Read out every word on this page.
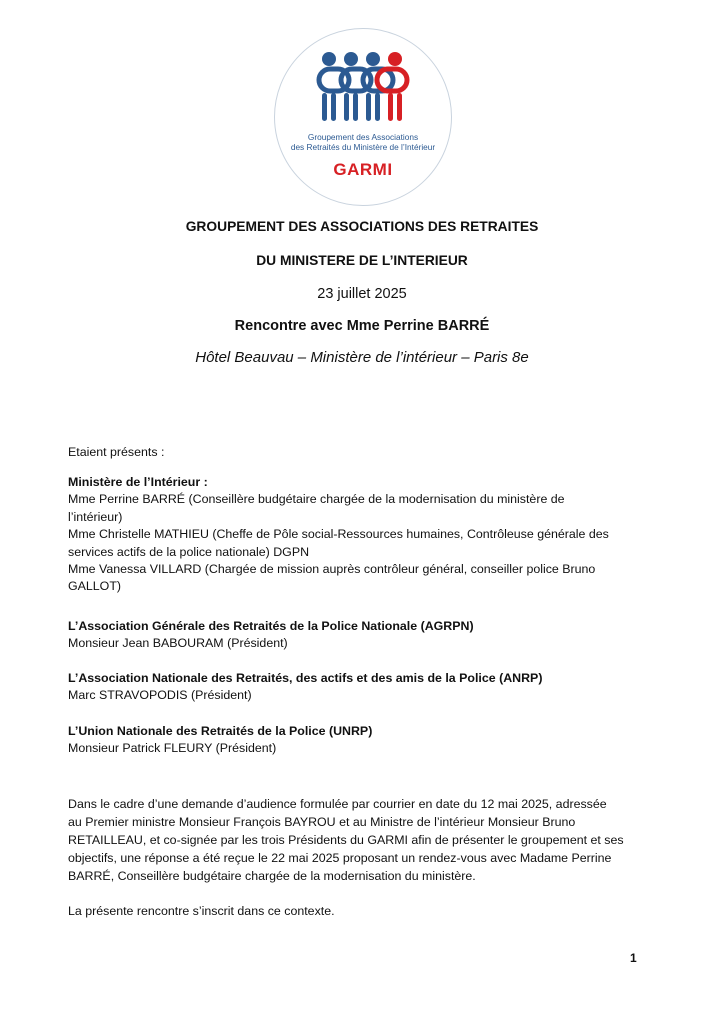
Groupement des Associations
des Retraités du Ministère de l’Intérieur
GARMI
GROUPEMENT DES ASSOCIATIONS DES RETRAITES
DU MINISTERE DE L’INTERIEUR
23 juillet 2025
Rencontre avec Mme Perrine BARRÉ
Hôtel Beauvau – Ministère de l’intérieur – Paris 8e

Etaient présents :

Ministère de l’Intérieur :

Mme Perrine BARRÉ (Conseillère budgétaire chargée de la modernisation du ministère de

l’intérieur)

Mme Christelle MATHIEU (Cheffe de Pôle social-Ressources humaines, Contrôleuse générale des

services actifs de la police nationale) DGPN

Mme Vanessa VILLARD (Chargée de mission auprès contrôleur général, conseiller police Bruno

GALLOT)

L’Association Générale des Retraités de la Police Nationale (AGRPN)

Monsieur Jean BABOURAM (Président)

L’Association Nationale des Retraités, des actifs et des amis de la Police (ANRP)

Marc STRAVOPODIS (Président)

L’Union Nationale des Retraités de la Police (UNRP)

Monsieur Patrick FLEURY (Président)

Dans le cadre d’une demande d’audience formulée par courrier en date du 12 mai 2025, adressée

au Premier ministre Monsieur François BAYROU et au Ministre de l’intérieur Monsieur Bruno

RETAILLEAU, et co-signée par les trois Présidents du GARMI afin de présenter le groupement et ses

objectifs, une réponse a été reçue le 22 mai 2025 proposant un rendez-vous avec Madame Perrine

BARRÉ, Conseillère budgétaire chargée de la modernisation du ministère.

La présente rencontre s’inscrit dans ce contexte.

1
